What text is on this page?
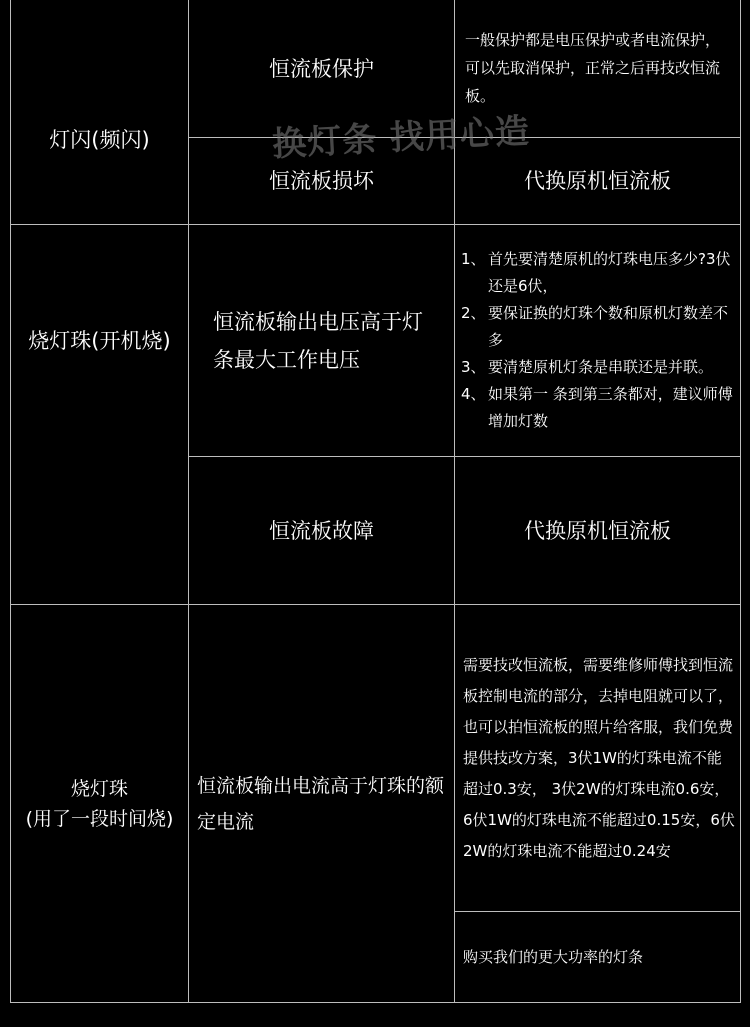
灯闪(频闪)
恒流板保护
一般保护都是电压保护或者电流保护，可以先取消保护，正常之后再技改恒流板。
恒流板损坏	代换原机恒流板
烧灯珠(开机烧)
恒流板输出电压高于灯条最大工作电压
1、 首先要清楚原机的灯珠电压多少?3伏还是6伏，
2、 要保证换的灯珠个数和原机灯数差不多
3、 要清楚原机灯条是串联还是并联。
4、 如果第一 条到第三条都对，建议师傅增加灯数
恒流板故障	代换原机恒流板
烧灯珠
(用了一段时间烧)
恒流板输出电流高于灯珠的额定电流
需要技改恒流板，需要维修师傅找到恒流板控制电流的部分，去掉电阻就可以了，也可以拍恒流板的照片给客服，我们免费提供技改方案，3伏1W的灯珠电流不能超过0.3安， 3伏2W的灯珠电流0.6安，6伏1W的灯珠电流不能超过0.15安，6伏2W的灯珠电流不能超过0.24安
购买我们的更大功率的灯条
换灯条 找用心造
